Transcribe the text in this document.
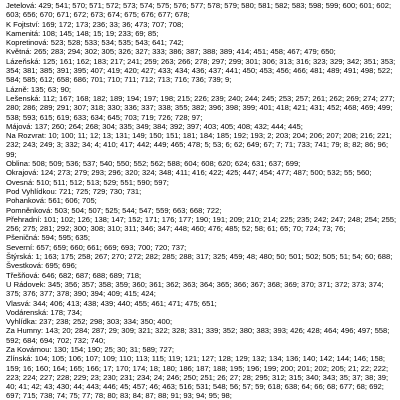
Jetelová: 429; 541; 570; 571; 572; 573; 574; 575; 576; 577; 578; 579; 580; 581; 582; 583; 598; 599; 600; 601; 602; 603; 656; 670; 671; 672; 673; 674; 675; 676; 677; 678;
K Fojtství: 169; 172; 173; 236; 33; 36; 473; 707; 708;
Kamenitá: 108; 145; 148; 15; 19; 233; 69; 85;
Kopretinová: 523; 528; 533; 534; 535; 543; 641; 742;
Květná: 265; 283; 294; 302; 305; 326; 327; 333; 386; 387; 388; 389; 414; 451; 458; 467; 479; 650;
Lázeňská: 125; 161; 162; 183; 217; 241; 259; 263; 266; 278; 297; 299; 301; 306; 313; 316; 323; 329; 342; 351; 353; 354; 381; 385; 391; 395; 407; 419; 420; 427; 433; 434; 436; 437; 441; 450; 453; 456; 466; 481; 489; 491; 498; 522; 584; 585; 612; 658; 686; 701; 710; 711; 712; 713; 716; 736; 739; 9;
Lázně: 135; 63; 90;
Lešenská: 112; 167; 168; 182; 189; 194; 197; 198; 215; 226; 239; 240; 244; 245; 253; 257; 261; 262; 269; 274; 277; 280; 286; 289; 291; 307; 318; 330; 336; 337; 338; 355; 382; 396; 398; 399; 401; 418; 421; 431; 452; 468; 469; 499; 538; 593; 615; 619; 633; 634; 645; 703; 719; 726; 728; 97;
Májová: 137; 260; 264; 268; 304; 335; 349; 384; 392; 397; 403; 405; 408; 432; 444; 445;
Na Rozvrat: 10; 100; 11; 12; 13; 131; 149; 150; 151; 181; 184; 185; 192; 193; 2; 203; 204; 206; 207; 208; 216; 221; 232; 243; 249; 3; 332; 34; 4; 410; 417; 442; 449; 465; 478; 5; 53; 6; 62; 649; 67; 7; 71; 733; 741; 79; 8; 82; 86; 96; 99;
Oblina: 508; 509; 536; 537; 540; 550; 552; 562; 588; 604; 608; 620; 624; 631; 637; 699;
Okrajová: 124; 273; 279; 293; 296; 320; 324; 348; 411; 416; 422; 425; 447; 454; 477; 487; 500; 532; 55; 560;
Ovesná: 510; 511; 512; 513; 529; 551; 590; 597;
Pod Vyhlídkou: 721; 725; 729; 730; 731;
Pohanková: 561; 606; 705;
Pomněnková: 503; 504; 507; 525; 544; 547; 559; 663; 668; 722;
Přehradní: 101; 102; 126; 138; 147; 152; 171; 176; 177; 190; 191; 209; 210; 214; 225; 235; 242; 247; 248; 254; 255; 256; 275; 281; 292; 300; 308; 310; 311; 346; 347; 448; 460; 476; 485; 52; 58; 61; 65; 70; 724; 73; 76;
Pšeničná: 594; 595; 635;
Severní: 657; 659; 660; 661; 669; 693; 700; 720; 737;
Štýrská: 1; 163; 175; 258; 267; 270; 272; 282; 285; 288; 317; 325; 459; 48; 480; 50; 501; 502; 505; 51; 54; 60; 688;
Švestková: 695; 696;
Třešňová: 646; 682; 687; 688; 689; 718;
U Rádovek: 345; 356; 357; 358; 359; 360; 361; 362; 363; 364; 365; 366; 367; 368; 369; 370; 371; 372; 373; 374; 375; 376; 377; 378; 390; 394; 409; 415; 424;
Vlasvá: 344; 406; 413; 438; 439; 440; 455; 461; 471; 475; 651;
Vodárenská: 178; 734;
Vyhlídka: 237; 238; 252; 298; 303; 334; 350; 400;
Za Humny: 143; 20; 284; 287; 29; 309; 321; 322; 328; 331; 339; 352; 380; 383; 393; 426; 428; 464; 496; 497; 558; 592; 684; 694; 702; 732; 740;
Za Kovárnou: 130; 154; 190; 25; 30; 31; 589; 727;
Zlínská: 104; 105; 106; 107; 109; 110; 113; 115; 119; 121; 127; 128; 129; 132; 134; 136; 140; 142; 144; 146; 158; 159; 16; 160; 164; 165; 166; 17; 170; 174; 18; 180; 186; 187; 188; 195; 196; 199; 200; 201; 202; 205; 21; 22; 222; 223; 224; 227; 228; 229; 23; 230; 231; 234; 24; 246; 250; 251; 26; 27; 28; 295; 312; 315; 340; 343; 35; 37; 38; 39; 40; 41; 42; 43; 430; 44; 443; 446; 45; 457; 46; 463; 516; 531; 548; 56; 57; 59; 618; 638; 64; 66; 68; 677; 68; 692; 697; 715; 738; 74; 75; 77; 78; 80; 83; 84; 87; 88; 91; 93; 94; 95; 98;
